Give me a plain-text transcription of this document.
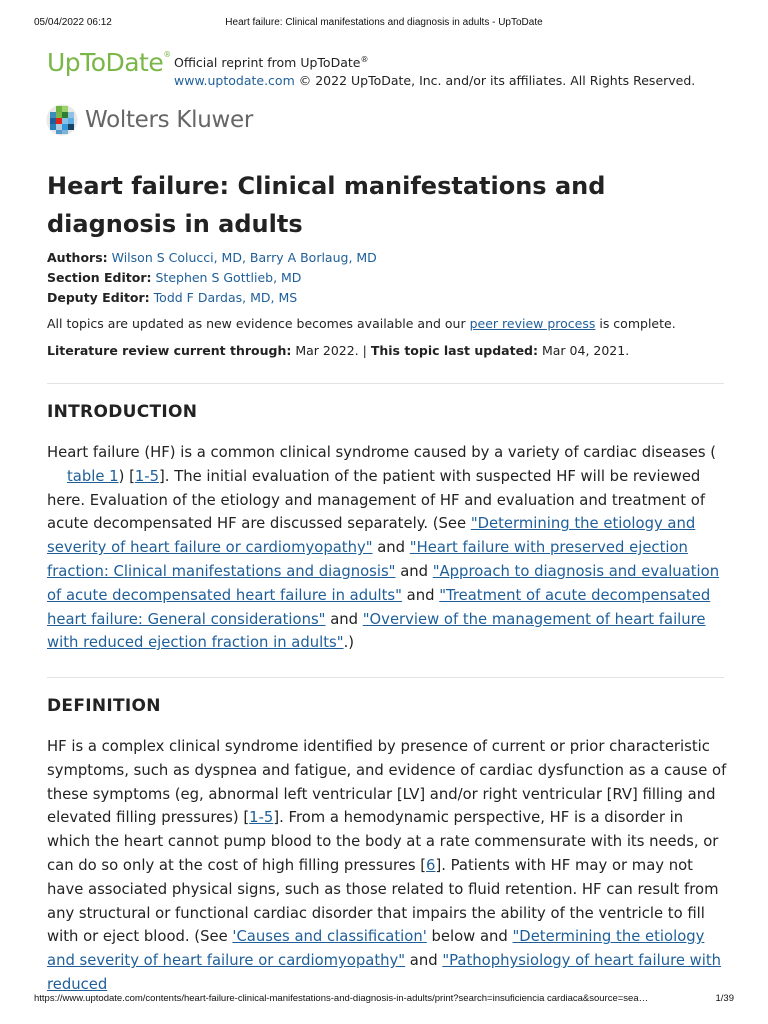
05/04/2022 06:12	Heart failure: Clinical manifestations and diagnosis in adults - UpToDate
UpToDate®
Official reprint from UpToDate®
www.uptodate.com © 2022 UpToDate, Inc. and/or its affiliates. All Rights Reserved.
Wolters Kluwer
Heart failure: Clinical manifestations and diagnosis in adults
Authors: Wilson S Colucci, MD, Barry A Borlaug, MD
Section Editor: Stephen S Gottlieb, MD
Deputy Editor: Todd F Dardas, MD, MS
All topics are updated as new evidence becomes available and our peer review process is complete.
Literature review current through: Mar 2022. | This topic last updated: Mar 04, 2021.
INTRODUCTION
Heart failure (HF) is a common clinical syndrome caused by a variety of cardiac diseases (
table 1) [1-5]. The initial evaluation of the patient with suspected HF will be reviewed here. Evaluation of the etiology and management of HF and evaluation and treatment of acute decompensated HF are discussed separately. (See "Determining the etiology and severity of heart failure or cardiomyopathy" and "Heart failure with preserved ejection fraction: Clinical manifestations and diagnosis" and "Approach to diagnosis and evaluation of acute decompensated heart failure in adults" and "Treatment of acute decompensated heart failure: General considerations" and "Overview of the management of heart failure with reduced ejection fraction in adults".)
DEFINITION
HF is a complex clinical syndrome identified by presence of current or prior characteristic symptoms, such as dyspnea and fatigue, and evidence of cardiac dysfunction as a cause of these symptoms (eg, abnormal left ventricular [LV] and/or right ventricular [RV] filling and elevated filling pressures) [1-5]. From a hemodynamic perspective, HF is a disorder in which the heart cannot pump blood to the body at a rate commensurate with its needs, or can do so only at the cost of high filling pressures [6]. Patients with HF may or may not have associated physical signs, such as those related to fluid retention. HF can result from any structural or functional cardiac disorder that impairs the ability of the ventricle to fill with or eject blood. (See 'Causes and classification' below and "Determining the etiology and severity of heart failure or cardiomyopathy" and "Pathophysiology of heart failure with reduced
https://www.uptodate.com/contents/heart-failure-clinical-manifestations-and-diagnosis-in-adults/print?search=insuficiencia cardiaca&source=sea…	1/39
